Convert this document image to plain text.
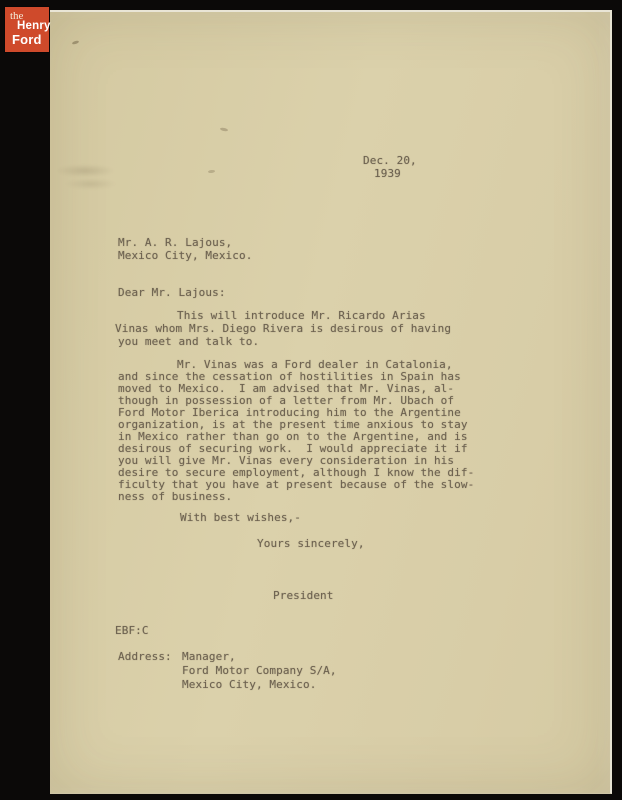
Dec. 20,
1939
Mr. A. R. Lajous,
Mexico City, Mexico.
Dear Mr. Lajous:
This will introduce Mr. Ricardo Arias
Vinas whom Mrs. Diego Rivera is desirous of having
you meet and talk to.
Mr. Vinas was a Ford dealer in Catalonia,
and since the cessation of hostilities in Spain has
moved to Mexico.  I am advised that Mr. Vinas, al-
though in possession of a letter from Mr. Ubach of
Ford Motor Iberica introducing him to the Argentine
organization, is at the present time anxious to stay
in Mexico rather than go on to the Argentine, and is
desirous of securing work.  I would appreciate it if
you will give Mr. Vinas every consideration in his
desire to secure employment, although I know the dif-
ficulty that you have at present because of the slow-
ness of business.
With best wishes,-
Yours sincerely,
President
EBF:C
Address: Manager,
Ford Motor Company S/A,
Mexico City, Mexico.
the
Henry
Ford
